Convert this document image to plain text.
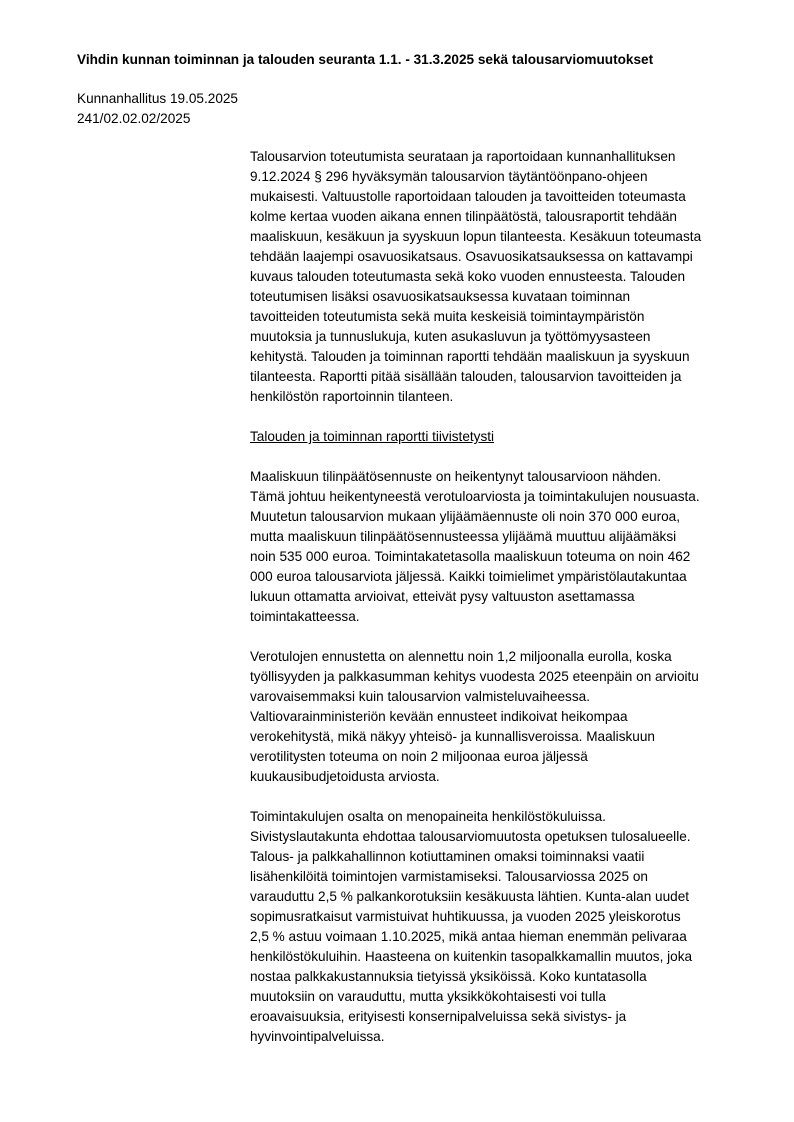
Vihdin kunnan toiminnan ja talouden seuranta 1.1. - 31.3.2025 sekä talousarviomuutokset
Kunnanhallitus 19.05.2025
241/02.02.02/2025
Talousarvion toteutumista seurataan ja raportoidaan kunnanhallituksen
9.12.2024 § 296 hyväksymän talousarvion täytäntöönpano-ohjeen
mukaisesti. Valtuustolle raportoidaan talouden ja tavoitteiden toteumasta
kolme kertaa vuoden aikana ennen tilinpäätöstä, talousraportit tehdään
maaliskuun, kesäkuun ja syyskuun lopun tilanteesta. Kesäkuun toteumasta
tehdään laajempi osavuosikatsaus. Osavuosikatsauksessa on kattavampi
kuvaus talouden toteutumasta sekä koko vuoden ennusteesta. Talouden
toteutumisen lisäksi osavuosikatsauksessa kuvataan toiminnan
tavoitteiden toteutumista sekä muita keskeisiä toimintaympäristön
muutoksia ja tunnuslukuja, kuten asukasluvun ja työttömyysasteen
kehitystä. Talouden ja toiminnan raportti tehdään maaliskuun ja syyskuun
tilanteesta. Raportti pitää sisällään talouden, talousarvion tavoitteiden ja
henkilöstön raportoinnin tilanteen.
Talouden ja toiminnan raportti tiivistetysti
Maaliskuun tilinpäätösennuste on heikentynyt talousarvioon nähden.
Tämä johtuu heikentyneestä verotuloarviosta ja toimintakulujen nousuasta.
Muutetun talousarvion mukaan ylijäämäennuste oli noin 370 000 euroa,
mutta maaliskuun tilinpäätösennusteessa ylijäämä muuttuu alijäämäksi
noin 535 000 euroa. Toimintakatetasolla maaliskuun toteuma on noin 462
000 euroa talousarviota jäljessä. Kaikki toimielimet ympäristölautakuntaa
lukuun ottamatta arvioivat, etteivät pysy valtuuston asettamassa
toimintakatteessa.
Verotulojen ennustetta on alennettu noin 1,2 miljoonalla eurolla, koska
työllisyyden ja palkkasumman kehitys vuodesta 2025 eteenpäin on arvioitu
varovaisemmaksi kuin talousarvion valmisteluvaiheessa.
Valtiovarainministeriön kevään ennusteet indikoivat heikompaa
verokehitystä, mikä näkyy yhteisö- ja kunnallisveroissa. Maaliskuun
verotilitysten toteuma on noin 2 miljoonaa euroa jäljessä
kuukausibudjetoidusta arviosta.
Toimintakulujen osalta on menopaineita henkilöstökuluissa.
Sivistyslautakunta ehdottaa talousarviomuutosta opetuksen tulosalueelle.
Talous- ja palkkahallinnon kotiuttaminen omaksi toiminnaksi vaatii
lisähenkilöitä toimintojen varmistamiseksi. Talousarviossa 2025 on
varauduttu 2,5 % palkankorotuksiin kesäkuusta lähtien. Kunta-alan uudet
sopimusratkaisut varmistuivat huhtikuussa, ja vuoden 2025 yleiskorotus
2,5 % astuu voimaan 1.10.2025, mikä antaa hieman enemmän pelivaraa
henkilöstökuluihin. Haasteena on kuitenkin tasopalkkamallin muutos, joka
nostaa palkkakustannuksia tietyissä yksiköissä. Koko kuntatasolla
muutoksiin on varauduttu, mutta yksikkökohtaisesti voi tulla
eroavaisuuksia, erityisesti konsernipalveluissa sekä sivistys- ja
hyvinvointipalveluissa.
